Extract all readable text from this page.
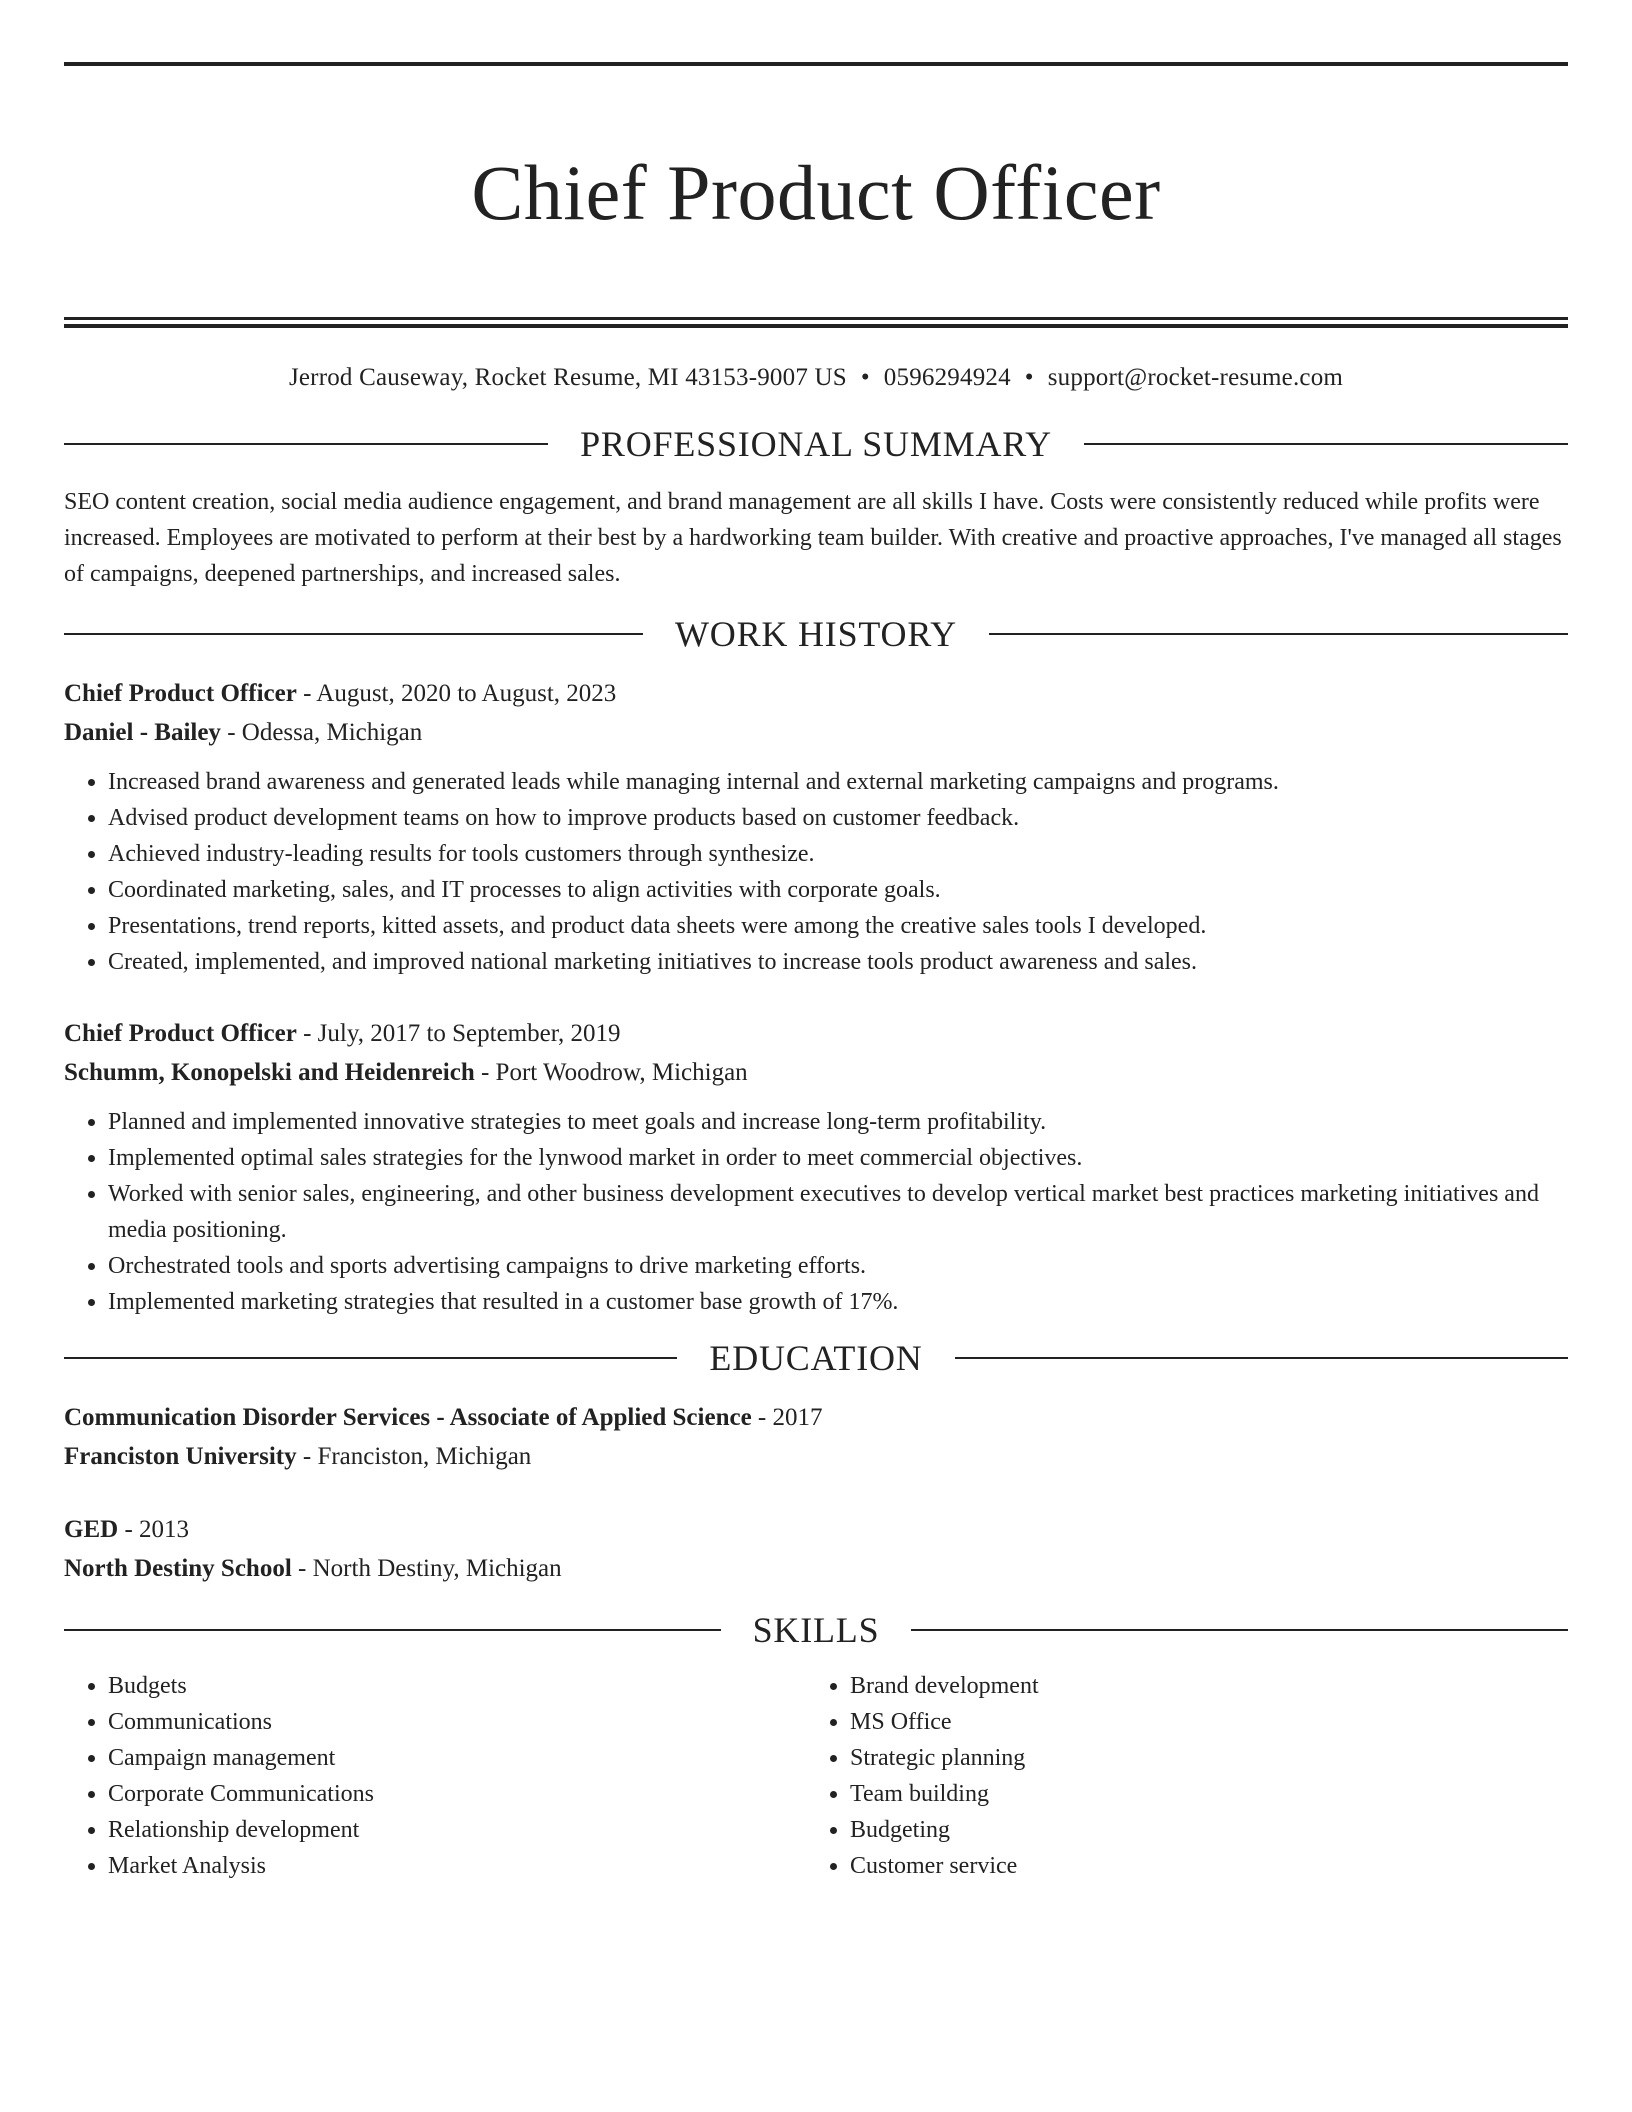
Chief Product Officer
Jerrod Causeway, Rocket Resume, MI 43153-9007 US • 0596294924 • support@rocket-resume.com
PROFESSIONAL SUMMARY
SEO content creation, social media audience engagement, and brand management are all skills I have. Costs were consistently reduced while profits were increased. Employees are motivated to perform at their best by a hardworking team builder. With creative and proactive approaches, I've managed all stages of campaigns, deepened partnerships, and increased sales.
WORK HISTORY
Chief Product Officer - August, 2020 to August, 2023
Daniel - Bailey - Odessa, Michigan
• Increased brand awareness and generated leads while managing internal and external marketing campaigns and programs.
• Advised product development teams on how to improve products based on customer feedback.
• Achieved industry-leading results for tools customers through synthesize.
• Coordinated marketing, sales, and IT processes to align activities with corporate goals.
• Presentations, trend reports, kitted assets, and product data sheets were among the creative sales tools I developed.
• Created, implemented, and improved national marketing initiatives to increase tools product awareness and sales.
Chief Product Officer - July, 2017 to September, 2019
Schumm, Konopelski and Heidenreich - Port Woodrow, Michigan
• Planned and implemented innovative strategies to meet goals and increase long-term profitability.
• Implemented optimal sales strategies for the lynwood market in order to meet commercial objectives.
• Worked with senior sales, engineering, and other business development executives to develop vertical market best practices marketing initiatives and media positioning.
• Orchestrated tools and sports advertising campaigns to drive marketing efforts.
• Implemented marketing strategies that resulted in a customer base growth of 17%.
EDUCATION
Communication Disorder Services - Associate of Applied Science - 2017
Franciston University - Franciston, Michigan
GED - 2013
North Destiny School - North Destiny, Michigan
SKILLS
• Budgets
• Communications
• Campaign management
• Corporate Communications
• Relationship development
• Market Analysis
• Brand development
• MS Office
• Strategic planning
• Team building
• Budgeting
• Customer service
